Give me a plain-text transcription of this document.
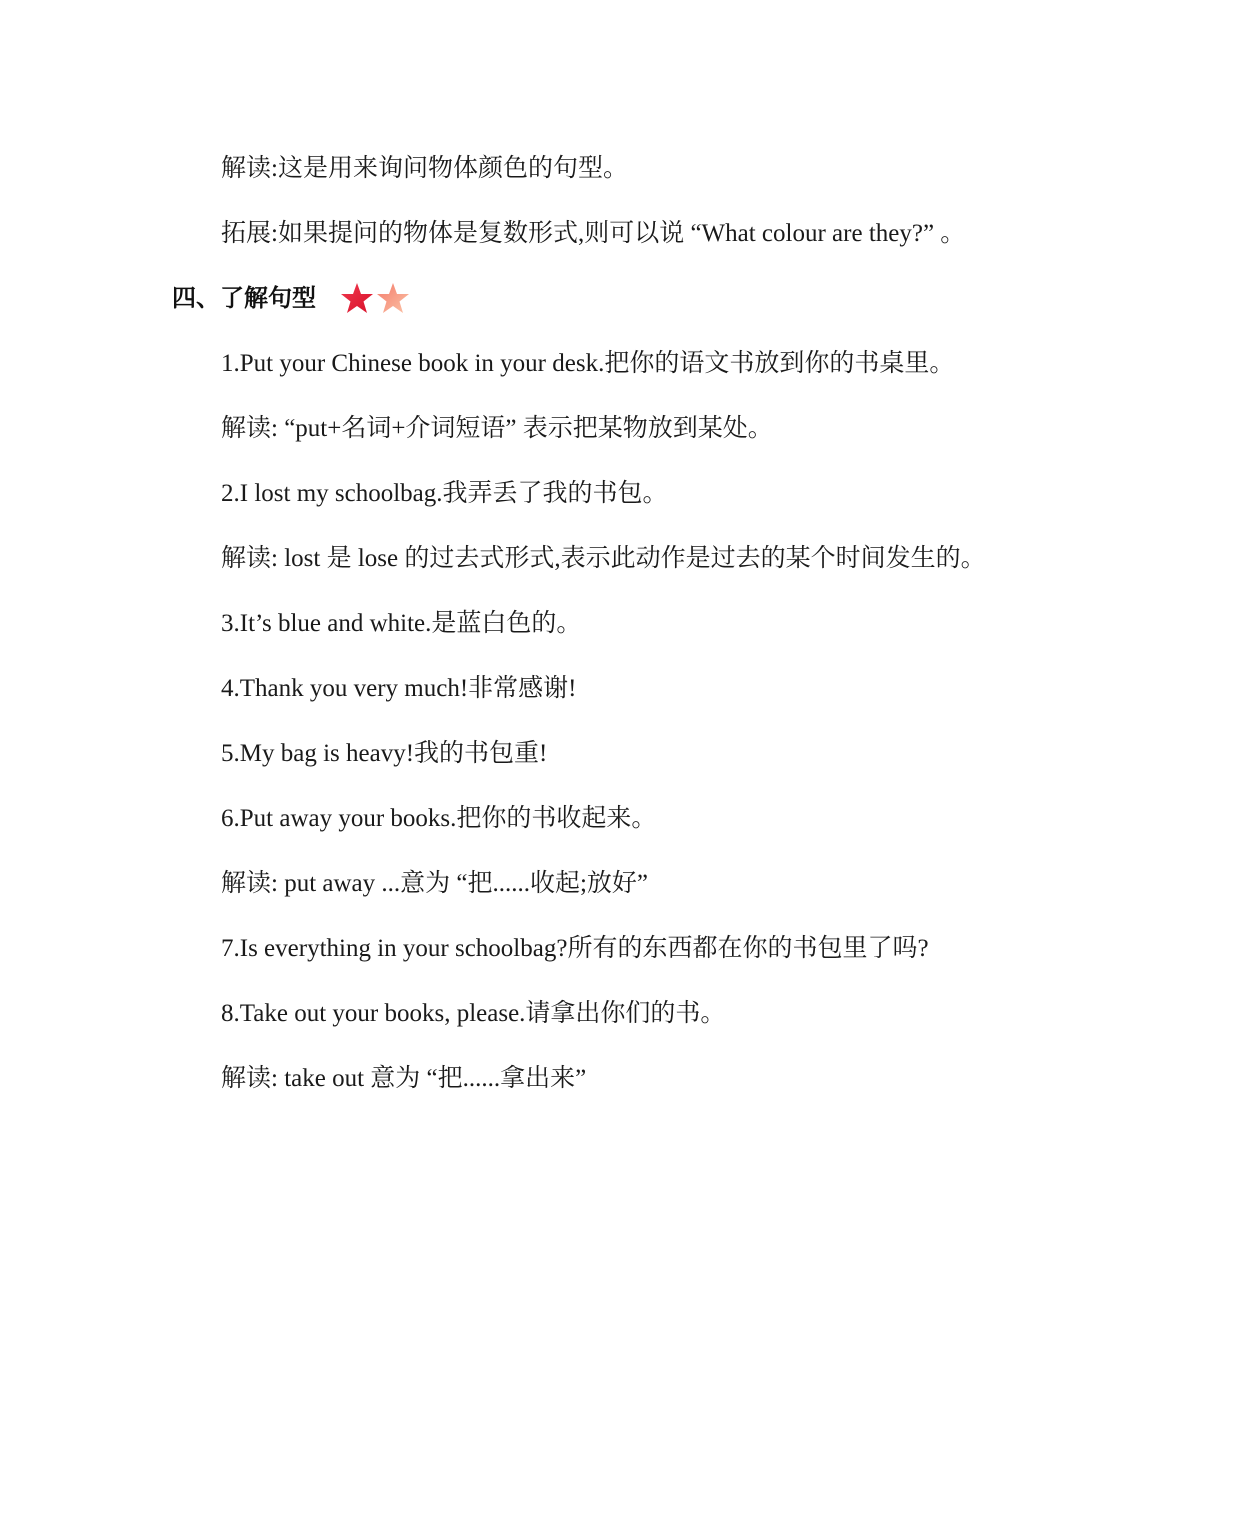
解读:这是用来询问物体颜色的句型。
拓展:如果提问的物体是复数形式,则可以说 “What colour are they?” 。
四、了解句型
1.Put your Chinese book in your desk.把你的语文书放到你的书桌里。
解读: “put+名词+介词短语” 表示把某物放到某处。
2.I lost my schoolbag.我弄丢了我的书包。
解读: lost 是 lose 的过去式形式,表示此动作是过去的某个时间发生的。
3.It’s blue and white.是蓝白色的。
4.Thank you very much!非常感谢!
5.My bag is heavy!我的书包重!
6.Put away your books.把你的书收起来。
解读: put away ...意为 “把......收起;放好”
7.Is everything in your schoolbag?所有的东西都在你的书包里了吗?
8.Take out your books, please.请拿出你们的书。
解读: take out 意为 “把......拿出来”
